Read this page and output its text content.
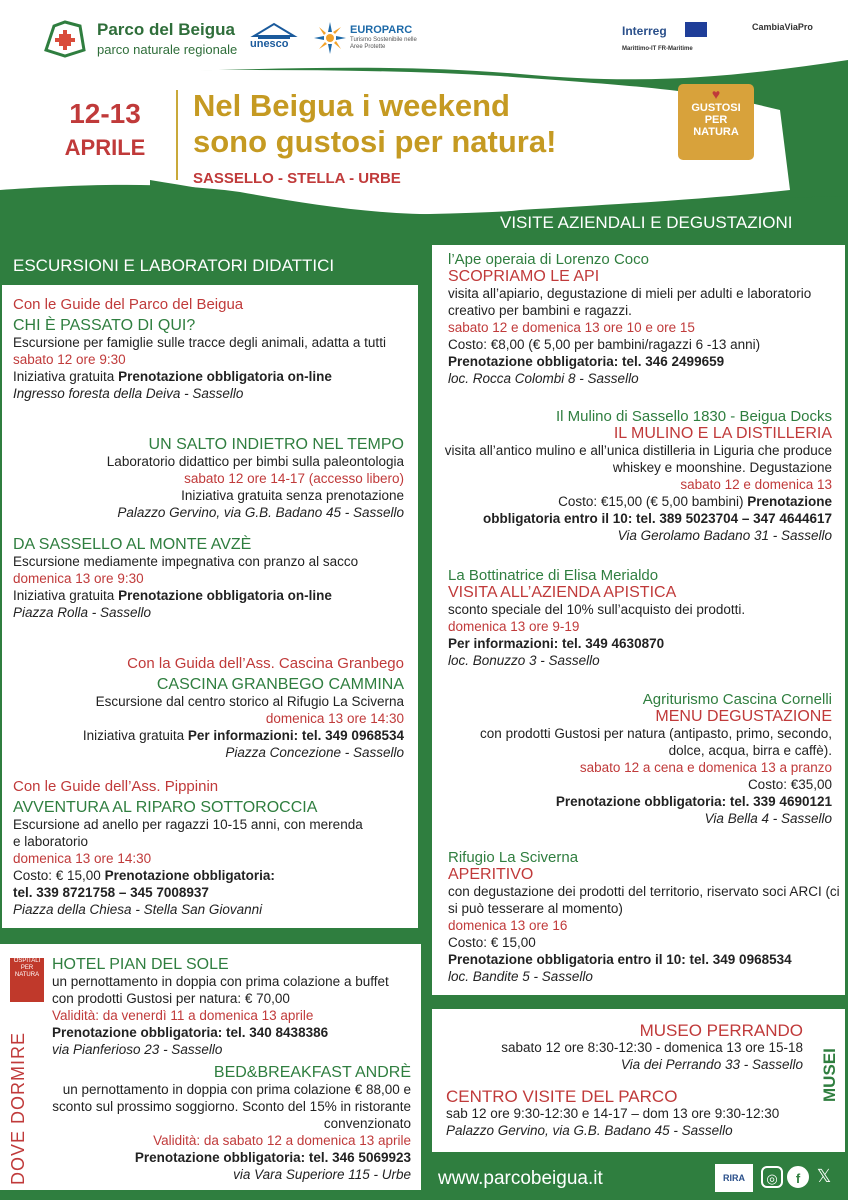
Parco del Beigua
parco naturale regionale unesco
EUROPARC
Turismo Sostenibile nelle Aree Protette
Interreg
Marittimo-IT FR-Maritime
CambiaViaPro
12-13
APRILE
Nel Beigua i weekend
sono gustosi per natura!
SASSELLO - STELLA - URBE
♥
GUSTOSI PER NATURA
VISITE AZIENDALI E DEGUSTAZIONI
ESCURSIONI E LABORATORI DIDATTICI
Con le Guide del Parco del Beigua
CHI È PASSATO DI QUI?
Escursione per famiglie sulle tracce degli animali, adatta a tutti
sabato 12 ore 9:30
Iniziativa gratuita Prenotazione obbligatoria on-line
Ingresso foresta della Deiva - Sassello
UN SALTO INDIETRO NEL TEMPO
Laboratorio didattico per bimbi sulla paleontologia
sabato 12 ore 14-17 (accesso libero)
Iniziativa gratuita senza prenotazione
Palazzo Gervino, via G.B. Badano 45 - Sassello
DA SASSELLO AL MONTE AVZÈ
Escursione mediamente impegnativa con pranzo al sacco
domenica 13 ore 9:30
Iniziativa gratuita Prenotazione obbligatoria on-line
Piazza Rolla - Sassello
Con la Guida dell’Ass. Cascina Granbego
CASCINA GRANBEGO CAMMINA
Escursione dal centro storico al Rifugio La Sciverna
domenica 13 ore 14:30
Iniziativa gratuita Per informazioni: tel. 349 0968534
Piazza Concezione - Sassello
Con le Guide dell’Ass. Pippinin
AVVENTURA AL RIPARO SOTTOROCCIA
Escursione ad anello per ragazzi 10-15 anni, con merenda e laboratorio
domenica 13 ore 14:30
Costo: € 15,00 Prenotazione obbligatoria:
tel. 339 8721758 – 345 7008937
Piazza della Chiesa - Stella San Giovanni
l’Ape operaia di Lorenzo Coco
SCOPRIAMO LE API
visita all’apiario, degustazione di mieli per adulti e laboratorio creativo per bambini e ragazzi.
sabato 12 e domenica 13 ore 10 e ore 15
Costo: €8,00 (€ 5,00 per bambini/ragazzi 6 -13 anni)
Prenotazione obbligatoria: tel. 346 2499659
loc. Rocca Colombi 8 - Sassello
Il Mulino di Sassello 1830 - Beigua Docks
IL MULINO E LA DISTILLERIA
visita all’antico mulino e all’unica distilleria in Liguria che produce whiskey e moonshine. Degustazione
sabato 12 e domenica 13
Costo: €15,00 (€ 5,00 bambini) Prenotazione
obbligatoria entro il 10: tel. 389 5023704 – 347 4644617
Via Gerolamo Badano 31 - Sassello
La Bottinatrice di Elisa Merialdo
VISITA ALL’AZIENDA APISTICA
sconto speciale del 10% sull’acquisto dei prodotti.
domenica 13 ore 9-19
Per informazioni: tel. 349 4630870
loc. Bonuzzo 3 - Sassello
Agriturismo Cascina Cornelli
MENU DEGUSTAZIONE
con prodotti Gustosi per natura (antipasto, primo, secondo, dolce, acqua, birra e caffè).
sabato 12 a cena e domenica 13 a pranzo
Costo: €35,00
Prenotazione obbligatoria: tel. 339 4690121
Via Bella 4 - Sassello
Rifugio La Sciverna
APERITIVO
con degustazione dei prodotti del territorio, riservato soci ARCI (ci si può tesserare al momento)
domenica 13 ore 16
Costo: € 15,00
Prenotazione obbligatoria entro il 10: tel. 349 0968534
loc. Bandite 5 - Sassello
DOVE DORMIRE
OSPITALI PER NATURA
HOTEL PIAN DEL SOLE
un pernottamento in doppia con prima colazione a buffet con prodotti Gustosi per natura: € 70,00
Validità: da venerdì 11 a domenica 13 aprile
Prenotazione obbligatoria: tel. 340 8438386
via Pianferioso 23 - Sassello
BED&BREAKFAST ANDRÈ
un pernottamento in doppia con prima colazione € 88,00 e sconto sul prossimo soggiorno. Sconto del 15% in ristorante convenzionato
Validità: da sabato 12 a domenica 13 aprile
Prenotazione obbligatoria: tel. 346 5069923
via Vara Superiore 115 - Urbe
MUSEI
MUSEO PERRANDO
sabato 12 ore 8:30-12:30 - domenica 13 ore 15-18
Via dei Perrando 33 - Sassello
CENTRO VISITE DEL PARCO
sab 12 ore 9:30-12:30 e 14-17 – dom 13 ore 9:30-12:30
Palazzo Gervino, via G.B. Badano 45 - Sassello
www.parcobeigua.it	RIRA	◎	f 𝕏
